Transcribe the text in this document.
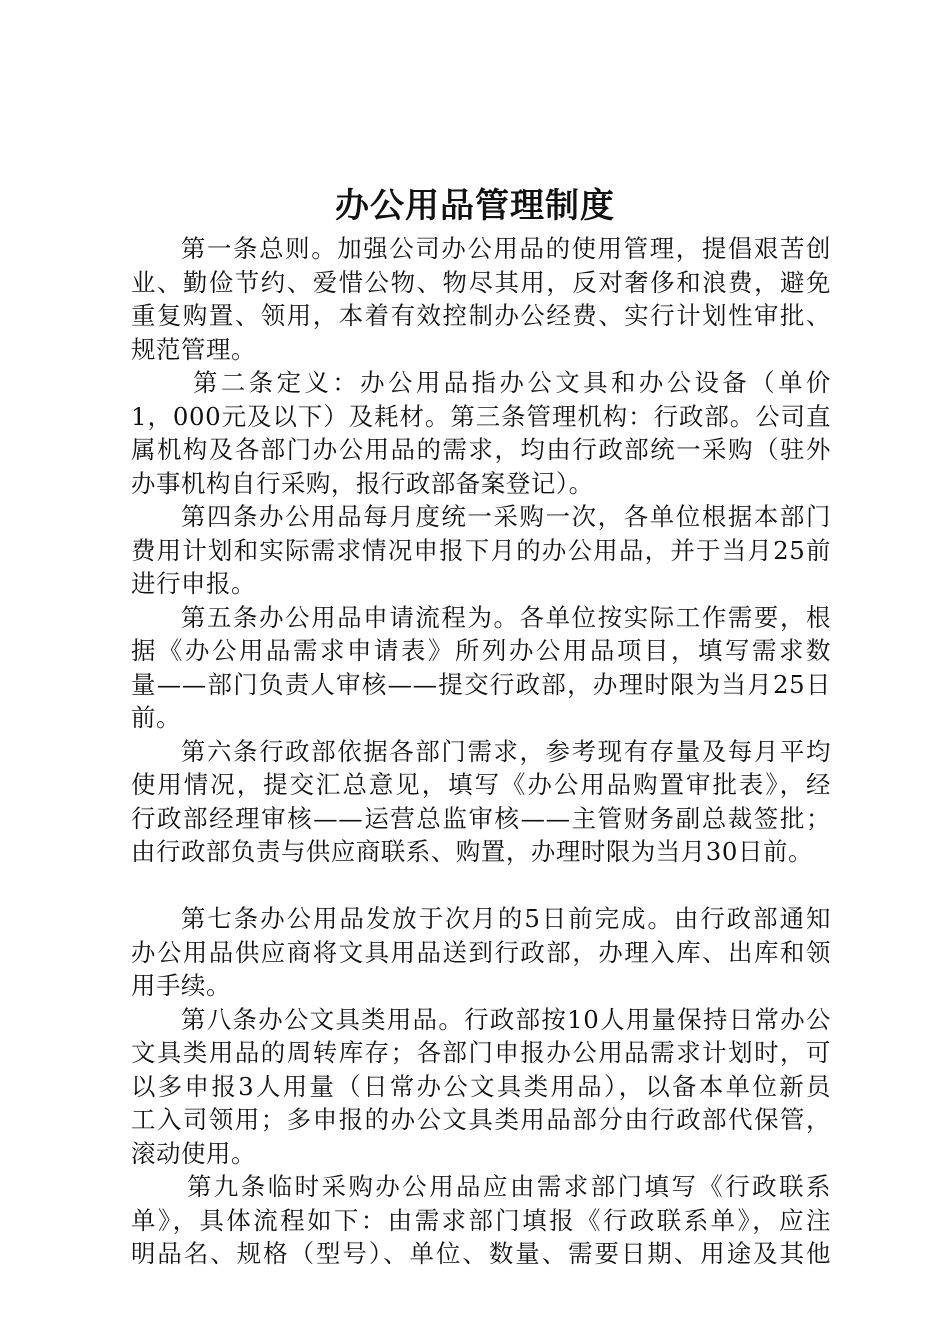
办公用品管理制度
第一条总则。加强公司办公用品的使用管理，提倡艰苦创
业、勤俭节约、爱惜公物、物尽其用，反对奢侈和浪费，避免
重复购置、领用，本着有效控制办公经费、实行计划性审批、
规范管理。
第二条定义：办公用品指办公文具和办公设备（单价
1，000元及以下）及耗材。第三条管理机构：行政部。公司直
属机构及各部门办公用品的需求，均由行政部统一采购（驻外
办事机构自行采购，报行政部备案登记）。
第四条办公用品每月度统一采购一次，各单位根据本部门
费用计划和实际需求情况申报下月的办公用品，并于当月25前
进行申报。
第五条办公用品申请流程为。各单位按实际工作需要，根
据《办公用品需求申请表》所列办公用品项目，填写需求数
量——部门负责人审核——提交行政部，办理时限为当月25日
前。
第六条行政部依据各部门需求，参考现有存量及每月平均
使用情况，提交汇总意见，填写《办公用品购置审批表》，经
行政部经理审核——运营总监审核——主管财务副总裁签批；
由行政部负责与供应商联系、购置，办理时限为当月30日前。
第七条办公用品发放于次月的5日前完成。由行政部通知
办公用品供应商将文具用品送到行政部，办理入库、出库和领
用手续。
第八条办公文具类用品。行政部按10人用量保持日常办公
文具类用品的周转库存；各部门申报办公用品需求计划时，可
以多申报3人用量（日常办公文具类用品），以备本单位新员
工入司领用；多申报的办公文具类用品部分由行政部代保管，
滚动使用。
第九条临时采购办公用品应由需求部门填写《行政联系
单》，具体流程如下：由需求部门填报《行政联系单》，应注
明品名、规格（型号）、单位、数量、需要日期、用途及其他
